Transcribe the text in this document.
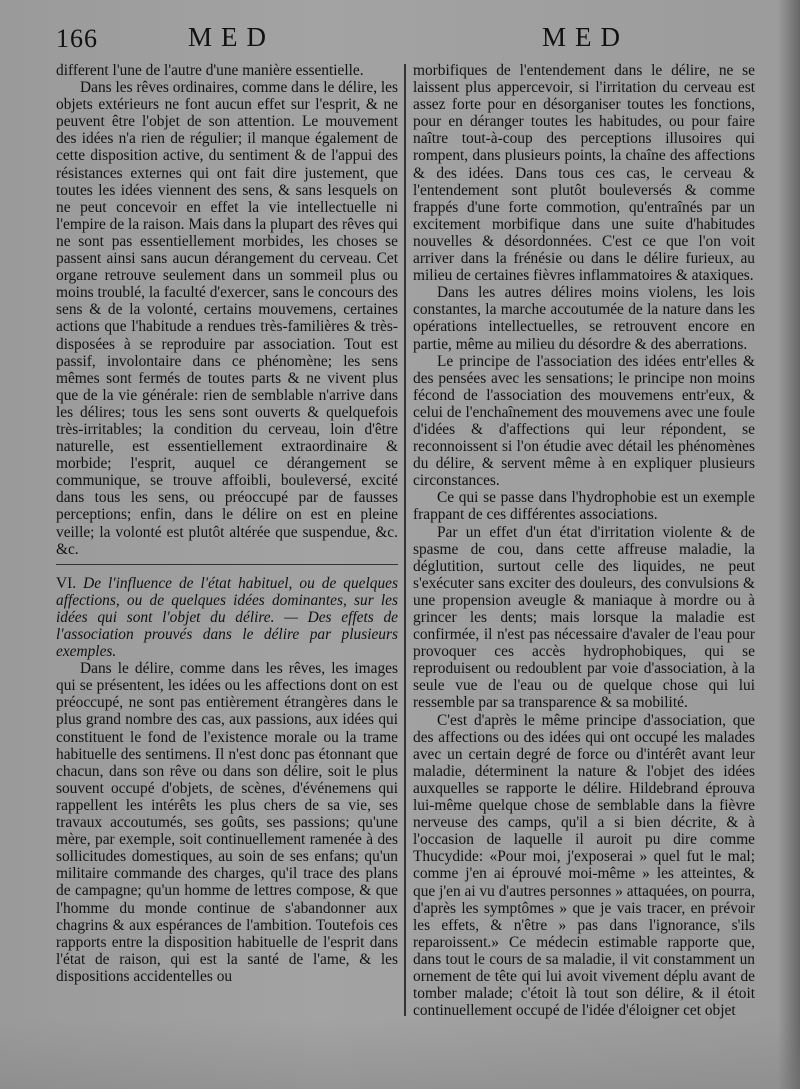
166	MED	MED

different l'une de l'autre d'une manière essentielle.

Dans les rêves ordinaires, comme dans le délire, les objets extérieurs ne font aucun effet sur l'esprit, & ne peuvent être l'objet de son attention. Le mouvement des idées n'a rien de régulier; il manque également de cette disposition active, du sentiment & de l'appui des résistances externes qui ont fait dire justement, que toutes les idées viennent des sens, & sans lesquels on ne peut concevoir en effet la vie intellectuelle ni l'empire de la raison. Mais dans la plupart des rêves qui ne sont pas essentiellement morbides, les choses se passent ainsi sans aucun dérangement du cerveau. Cet organe retrouve seulement dans un sommeil plus ou moins troublé, la faculté d'exercer, sans le concours des sens & de la volonté, certains mouvemens, certaines actions que l'habitude a rendues très-familières & très-disposées à se reproduire par association. Tout est passif, involontaire dans ce phénomène; les sens mêmes sont fermés de toutes parts & ne vivent plus que de la vie générale: rien de semblable n'arrive dans les délires; tous les sens sont ouverts & quelquefois très-irritables; la condition du cerveau, loin d'être naturelle, est essentiellement extraordinaire & morbide; l'esprit, auquel ce dérangement se communique, se trouve affoibli, bouleversé, excité dans tous les sens, ou préoccupé par de fausses perceptions; enfin, dans le délire on est en pleine veille; la volonté est plutôt altérée que suspendue, &c. &c.

VI. De l'influence de l'état habituel, ou de quelques affections, ou de quelques idées dominantes, sur les idées qui sont l'objet du délire. — Des effets de l'association prouvés dans le délire par plusieurs exemples.

Dans le délire, comme dans les rêves, les images qui se présentent, les idées ou les affections dont on est préoccupé, ne sont pas entièrement étrangères dans le plus grand nombre des cas, aux passions, aux idées qui constituent le fond de l'existence morale ou la trame habituelle des sentimens. Il n'est donc pas étonnant que chacun, dans son rêve ou dans son délire, soit le plus souvent occupé d'objets, de scènes, d'événemens qui rappellent les intérêts les plus chers de sa vie, ses travaux accoutumés, ses goûts, ses passions; qu'une mère, par exemple, soit continuellement ramenée à des sollicitudes domestiques, au soin de ses enfans; qu'un militaire commande des charges, qu'il trace des plans de campagne; qu'un homme de lettres compose, & que l'homme du monde continue de s'abandonner aux chagrins & aux espérances de l'ambition. Toutefois ces rapports entre la disposition habituelle de l'esprit dans l'état de raison, qui est la santé de l'ame, & les dispositions accidentelles ou

morbifiques de l'entendement dans le délire, ne se laissent plus appercevoir, si l'irritation du cerveau est assez forte pour en désorganiser toutes les fonctions, pour en déranger toutes les habitudes, ou pour faire naître tout-à-coup des perceptions illusoires qui rompent, dans plusieurs points, la chaîne des affections & des idées. Dans tous ces cas, le cerveau & l'entendement sont plutôt bouleversés & comme frappés d'une forte commotion, qu'entraînés par un excitement morbifique dans une suite d'habitudes nouvelles & désordonnées. C'est ce que l'on voit arriver dans la frénésie ou dans le délire furieux, au milieu de certaines fièvres inflammatoires & ataxiques.

Dans les autres délires moins violens, les lois constantes, la marche accoutumée de la nature dans les opérations intellectuelles, se retrouvent encore en partie, même au milieu du désordre & des aberrations.

Le principe de l'association des idées entr'elles & des pensées avec les sensations; le principe non moins fécond de l'association des mouvemens entr'eux, & celui de l'enchaînement des mouvemens avec une foule d'idées & d'affections qui leur répondent, se reconnoissent si l'on étudie avec détail les phénomènes du délire, & servent même à en expliquer plusieurs circonstances.

Ce qui se passe dans l'hydrophobie est un exemple frappant de ces différentes associations.

Par un effet d'un état d'irritation violente & de spasme de cou, dans cette affreuse maladie, la déglutition, surtout celle des liquides, ne peut s'exécuter sans exciter des douleurs, des convulsions & une propension aveugle & maniaque à mordre ou à grincer les dents; mais lorsque la maladie est confirmée, il n'est pas nécessaire d'avaler de l'eau pour provoquer ces accès hydrophobiques, qui se reproduisent ou redoublent par voie d'association, à la seule vue de l'eau ou de quelque chose qui lui ressemble par sa transparence & sa mobilité.

C'est d'après le même principe d'association, que des affections ou des idées qui ont occupé les malades avec un certain degré de force ou d'intérêt avant leur maladie, déterminent la nature & l'objet des idées auxquelles se rapporte le délire. Hildebrand éprouva lui-même quelque chose de semblable dans la fièvre nerveuse des camps, qu'il a si bien décrite, & à l'occasion de laquelle il auroit pu dire comme Thucydide: «Pour moi, j'exposerai » quel fut le mal; comme j'en ai éprouvé moi-même » les atteintes, & que j'en ai vu d'autres personnes » attaquées, on pourra, d'après les symptômes » que je vais tracer, en prévoir les effets, & n'être » pas dans l'ignorance, s'ils reparoissent.» Ce médecin estimable rapporte que, dans tout le cours de sa maladie, il vit constamment un ornement de tête qui lui avoit vivement déplu avant de tomber malade; c'étoit là tout son délire, & il étoit continuellement occupé de l'idée d'éloigner cet objet
